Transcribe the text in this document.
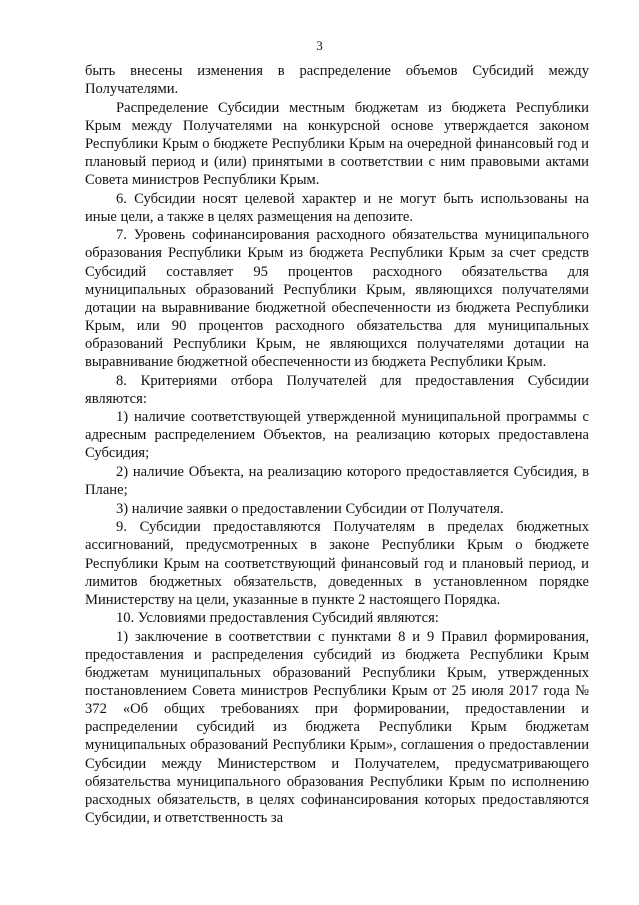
3

быть внесены изменения в распределение объемов Субсидий между Получателями.

Распределение Субсидии местным бюджетам из бюджета Республики Крым между Получателями на конкурсной основе утверждается законом Республики Крым о бюджете Республики Крым на очередной финансовый год и плановый период и (или) принятыми в соответствии с ним правовыми актами Совета министров Республики Крым.

6. Субсидии носят целевой характер и не могут быть использованы на иные цели, а также в целях размещения на депозите.

7. Уровень софинансирования расходного обязательства муниципального образования Республики Крым из бюджета Республики Крым за счет средств Субсидий составляет 95 процентов расходного обязательства для муниципальных образований Республики Крым, являющихся получателями дотации на выравнивание бюджетной обеспеченности из бюджета Республики Крым, или 90 процентов расходного обязательства для муниципальных образований Республики Крым, не являющихся получателями дотации на выравнивание бюджетной обеспеченности из бюджета Республики Крым.

8. Критериями отбора Получателей для предоставления Субсидии являются:

1) наличие соответствующей утвержденной муниципальной программы с адресным распределением Объектов, на реализацию которых предоставлена Субсидия;

2) наличие Объекта, на реализацию которого предоставляется Субсидия, в Плане;

3) наличие заявки о предоставлении Субсидии от Получателя.

9. Субсидии предоставляются Получателям в пределах бюджетных ассигнований, предусмотренных в законе Республики Крым о бюджете Республики Крым на соответствующий финансовый год и плановый период, и лимитов бюджетных обязательств, доведенных в установленном порядке Министерству на цели, указанные в пункте 2 настоящего Порядка.

10. Условиями предоставления Субсидий являются:

1) заключение в соответствии с пунктами 8 и 9 Правил формирования, предоставления и распределения субсидий из бюджета Республики Крым бюджетам муниципальных образований Республики Крым, утвержденных постановлением Совета министров Республики Крым от 25 июля 2017 года № 372 «Об общих требованиях при формировании, предоставлении и распределении субсидий из бюджета Республики Крым бюджетам муниципальных образований Республики Крым», соглашения о предоставлении Субсидии между Министерством и Получателем, предусматривающего обязательства муниципального образования Республики Крым по исполнению расходных обязательств, в целях софинансирования которых предоставляются Субсидии, и ответственность за
